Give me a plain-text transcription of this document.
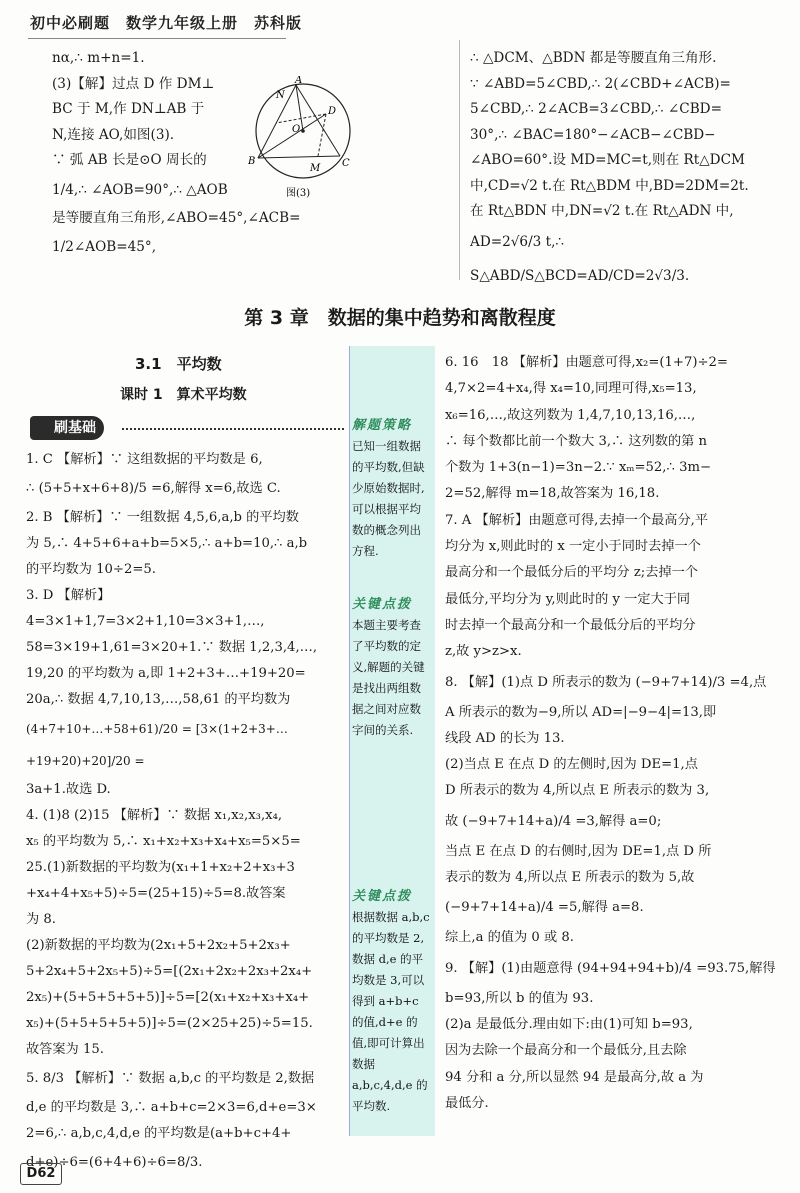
初中必刷题　数学九年级上册　苏科版

nα,∴ m+n=1.

(3)【解】过点 D 作 DM⊥

BC 于 M,作 DN⊥AB 于

N,连接 AO,如图(3).

∵ 弧 AB 长是⊙O 周长的

1/4,∴ ∠AOB=90°,∴ △AOB

是等腰直角三角形,∠ABO=45°,∠ACB=

1/2∠AOB=45°,

A
N
B
O
D
M C
图(3)

∴ △DCM、△BDN 都是等腰直角三角形.

∵ ∠ABD=5∠CBD,∴ 2(∠CBD+∠ACB)=

5∠CBD,∴ 2∠ACB=3∠CBD,∴ ∠CBD=

30°,∴ ∠BAC=180°−∠ACB−∠CBD−

∠ABO=60°.设 MD=MC=t,则在 Rt△DCM

中,CD=√2 t.在 Rt△BDM 中,BD=2DM=2t.

在 Rt△BDN 中,DN=√2 t.在 Rt△ADN 中,

AD=2√6/3 t,∴ S△ABD/S△BCD=AD/CD=2√3/3.

第 3 章　数据的集中趋势和离散程度
3.1　平均数
课时 1　算术平均数
刷基础

1. C 【解析】∵ 这组数据的平均数是 6,

∴ (5+5+x+6+8)/5 =6,解得 x=6,故选 C.

2. B 【解析】∵ 一组数据 4,5,6,a,b 的平均数

为 5,∴ 4+5+6+a+b=5×5,∴ a+b=10,∴ a,b

的平均数为 10÷2=5.

3. D 【解析】4=3×1+1,7=3×2+1,10=3×3+1,…,

58=3×19+1,61=3×20+1.∵ 数据 1,2,3,4,…,

19,20 的平均数为 a,即 1+2+3+…+19+20=

20a,∴ 数据 4,7,10,13,…,58,61 的平均数为

(4+7+10+…+58+61)/20 = [3×(1+2+3+…+19+20)+20]/20 =

3a+1.故选 D.

4. (1)8 (2)15 【解析】∵ 数据 x₁,x₂,x₃,x₄,

x₅ 的平均数为 5,∴ x₁+x₂+x₃+x₄+x₅=5×5=

25.(1)新数据的平均数为(x₁+1+x₂+2+x₃+3

+x₄+4+x₅+5)÷5=(25+15)÷5=8.故答案

为 8.

(2)新数据的平均数为(2x₁+5+2x₂+5+2x₃+

5+2x₄+5+2x₅+5)÷5=[(2x₁+2x₂+2x₃+2x₄+

2x₅)+(5+5+5+5+5)]÷5=[2(x₁+x₂+x₃+x₄+

x₅)+(5+5+5+5+5)]÷5=(2×25+25)÷5=15.

故答案为 15.

5. 8/3 【解析】∵ 数据 a,b,c 的平均数是 2,数据

d,e 的平均数是 3,∴ a+b+c=2×3=6,d+e=3×

2=6,∴ a,b,c,4,d,e 的平均数是(a+b+c+4+

d+e)÷6=(6+4+6)÷6=8/3.

解题策略
已知一组数据的平均数,但缺少原始数据时,可以根据平均数的概念列出方程.
关键点拨
本题主要考查了平均数的定义,解题的关键是找出两组数据之间对应数字间的关系.
关键点拨
根据数据 a,b,c 的平均数是 2,数据 d,e 的平均数是 3,可以得到 a+b+c 的值,d+e 的值,即可计算出数据 a,b,c,4,d,e 的平均数.

6. 16　18 【解析】由题意可得,x₂=(1+7)÷2=

4,7×2=4+x₄,得 x₄=10,同理可得,x₅=13,

x₆=16,…,故这列数为 1,4,7,10,13,16,…,

∴ 每个数都比前一个数大 3,∴ 这列数的第 n

个数为 1+3(n−1)=3n−2.∵ xₘ=52,∴ 3m−

2=52,解得 m=18,故答案为 16,18.

7. A 【解析】由题意可得,去掉一个最高分,平

均分为 x,则此时的 x 一定小于同时去掉一个

最高分和一个最低分后的平均分 z;去掉一个

最低分,平均分为 y,则此时的 y 一定大于同

时去掉一个最高分和一个最低分后的平均分

z,故 y>z>x.

8. 【解】(1)点 D 所表示的数为 (−9+7+14)/3 =4,点

A 所表示的数为−9,所以 AD=|−9−4|=13,即

线段 AD 的长为 13.

(2)当点 E 在点 D 的左侧时,因为 DE=1,点

D 所表示的数为 4,所以点 E 所表示的数为 3,

故 (−9+7+14+a)/4 =3,解得 a=0;

当点 E 在点 D 的右侧时,因为 DE=1,点 D 所

表示的数为 4,所以点 E 所表示的数为 5,故

(−9+7+14+a)/4 =5,解得 a=8.

综上,a 的值为 0 或 8.

9. 【解】(1)由题意得 (94+94+94+b)/4 =93.75,解得

b=93,所以 b 的值为 93.

(2)a 是最低分.理由如下:由(1)可知 b=93,

因为去除一个最高分和一个最低分,且去除

94 分和 a 分,所以显然 94 是最高分,故 a 为

最低分.

D62
